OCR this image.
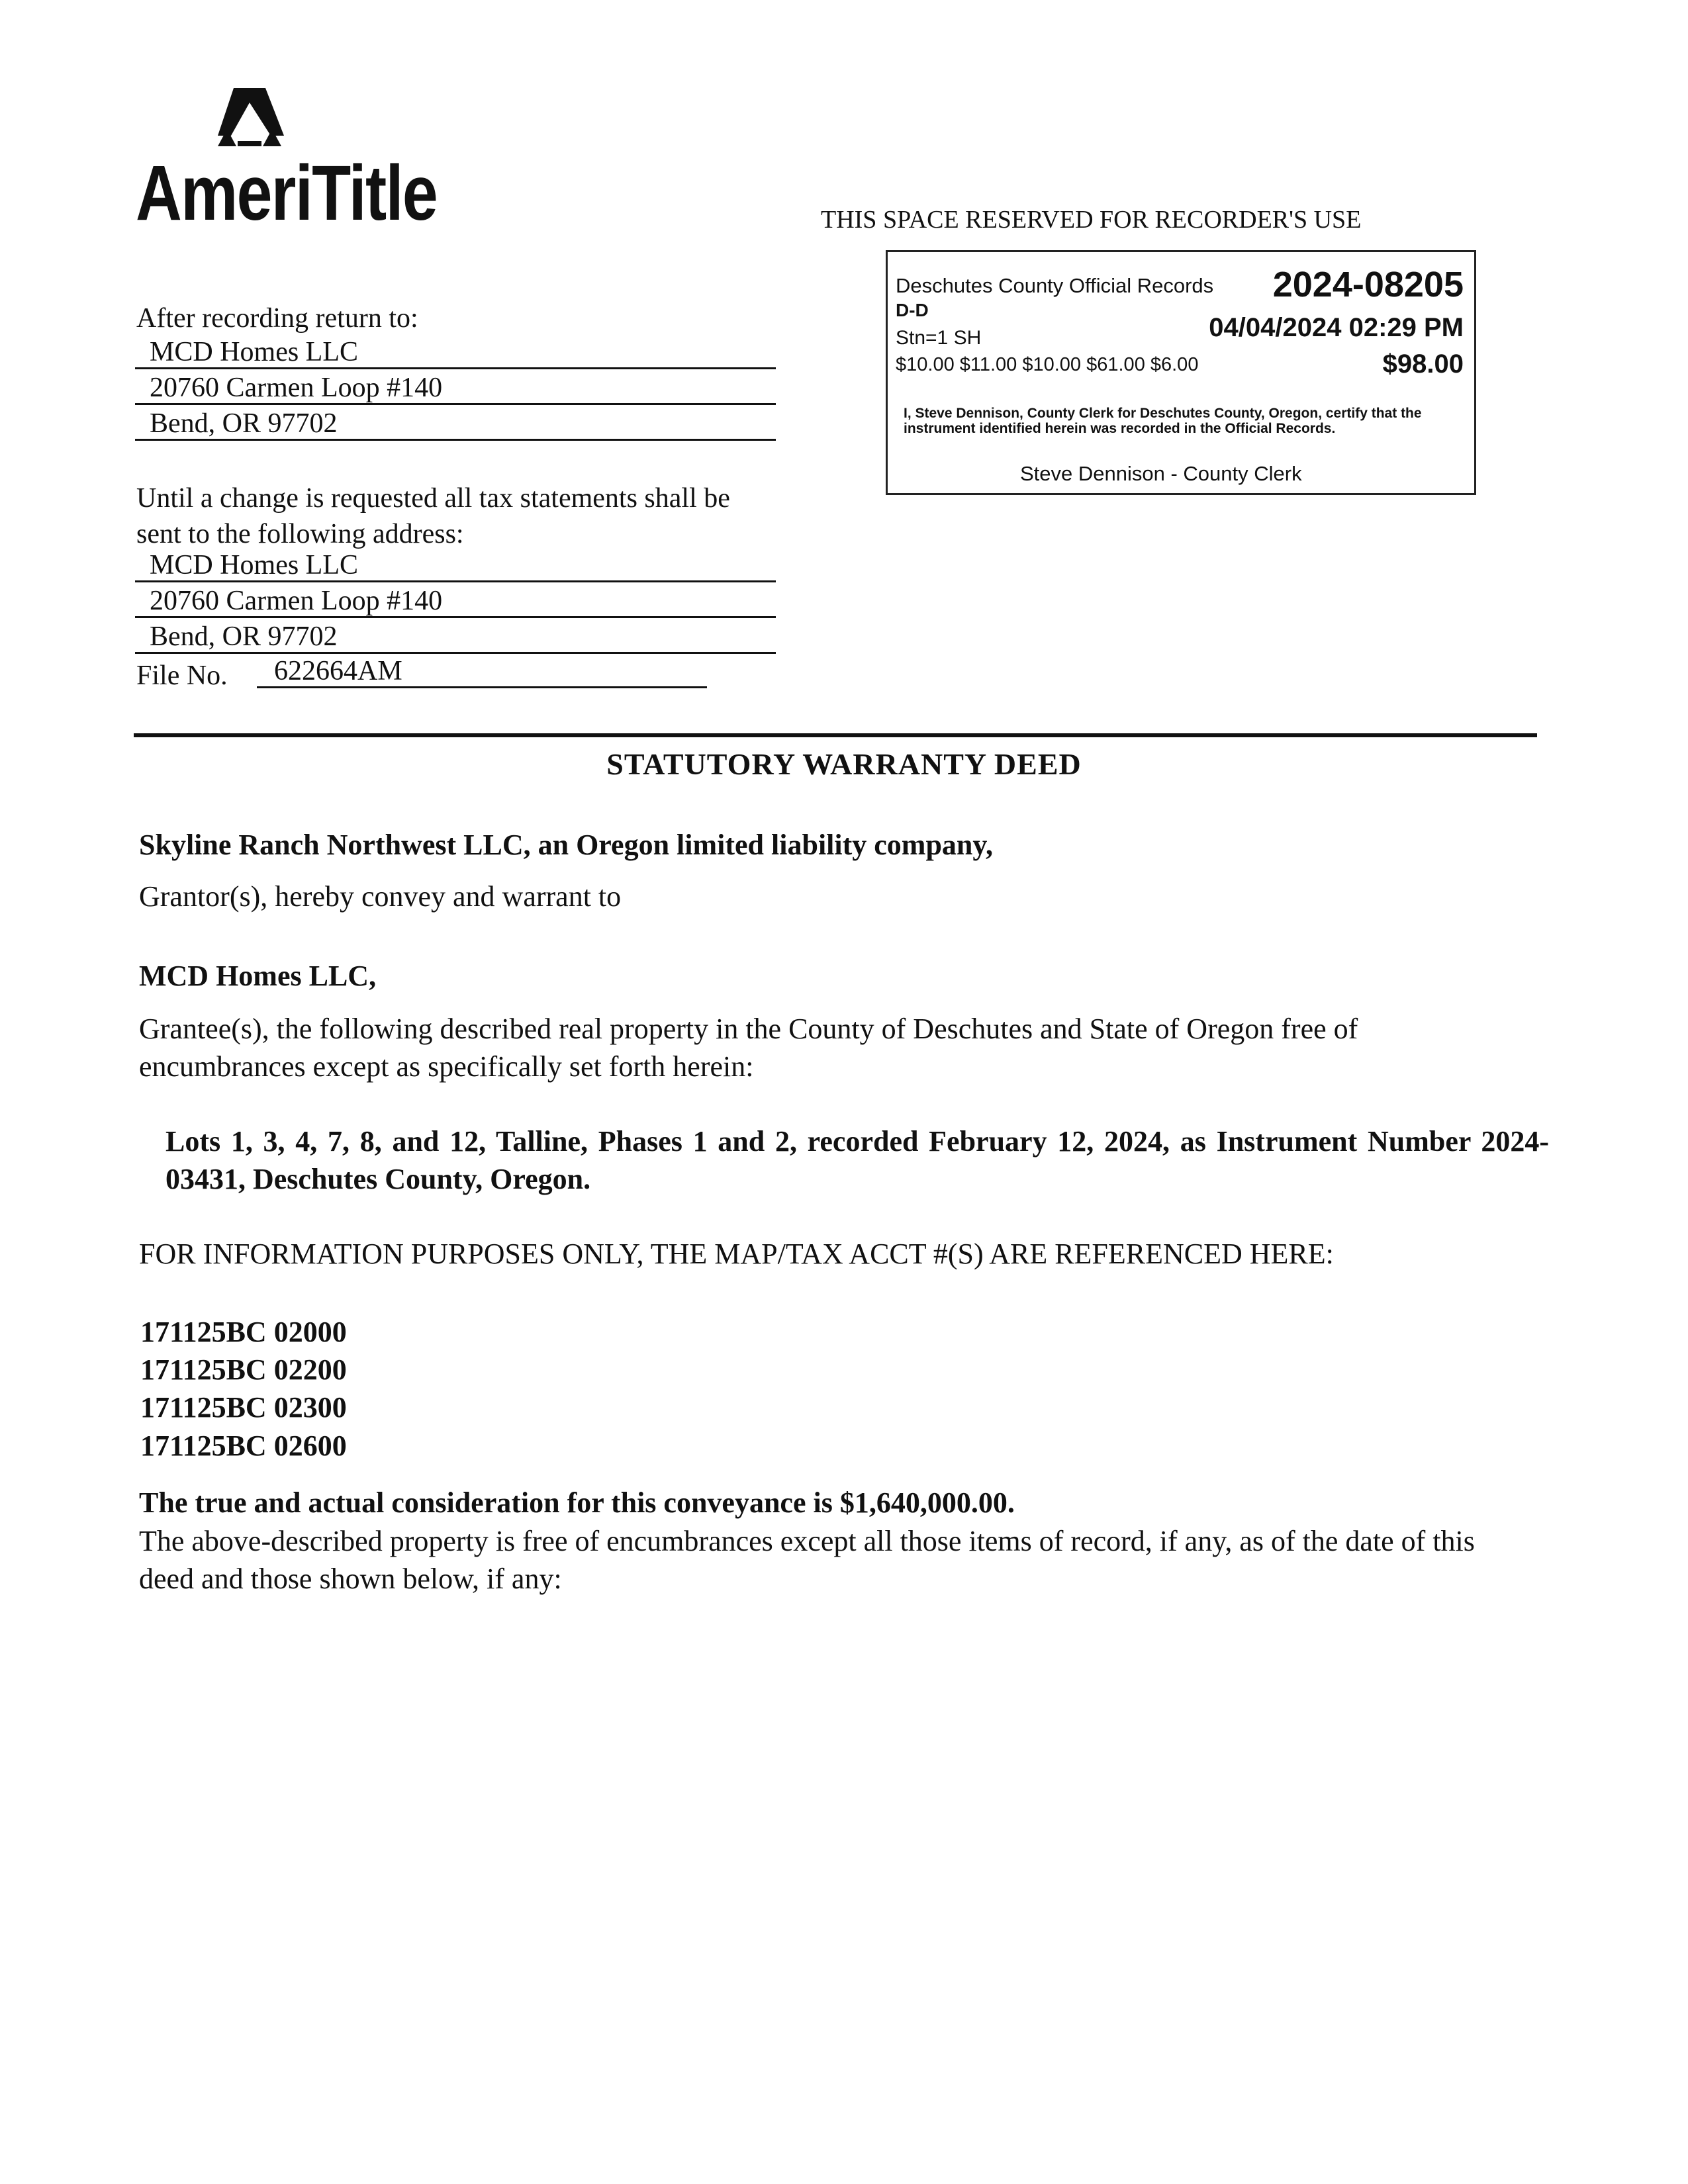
AmeriTitle	THIS SPACE RESERVED FOR RECORDER'S USE
Deschutes County Official Records 2024-08205
D-D
Stn=1 SH	04/04/2024 02:29 PM
$10.00 $11.00 $10.00 $61.00 $6.00	$98.00
I, Steve Dennison, County Clerk for Deschutes County, Oregon, certify that the instrument identified herein was recorded in the Official Records.
Steve Dennison - County Clerk
After recording return to:
MCD Homes LLC
20760 Carmen Loop #140
Bend, OR 97702
Until a change is requested all tax statements shall be
sent to the following address:
MCD Homes LLC
20760 Carmen Loop #140
Bend, OR 97702
File No. 622664AM
STATUTORY WARRANTY DEED
Skyline Ranch Northwest LLC, an Oregon limited liability company,
Grantor(s), hereby convey and warrant to
MCD Homes LLC,
Grantee(s), the following described real property in the County of Deschutes and State of Oregon free of encumbrances except as specifically set forth herein:
Lots 1, 3, 4, 7, 8, and 12, Talline, Phases 1 and 2, recorded February 12, 2024, as Instrument Number 2024-03431, Deschutes County, Oregon.
FOR INFORMATION PURPOSES ONLY, THE MAP/TAX ACCT #(S) ARE REFERENCED HERE:
171125BC 02000
171125BC 02200
171125BC 02300
171125BC 02600
The true and actual consideration for this conveyance is $1,640,000.00.
The above-described property is free of encumbrances except all those items of record, if any, as of the date of this deed and those shown below, if any:
